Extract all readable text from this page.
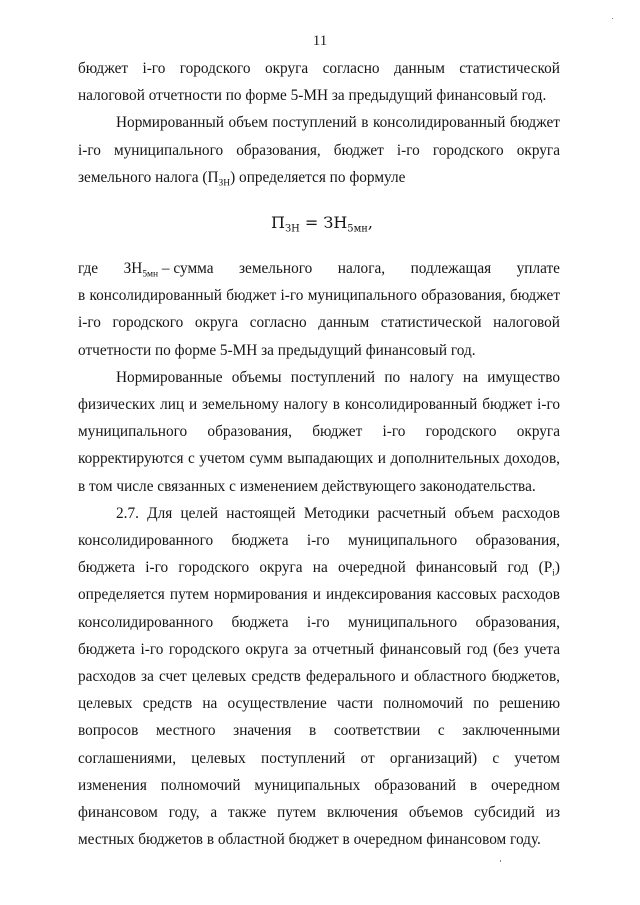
11

бюджет i-го городского округа согласно данным статистической налоговой отчетности по форме 5-МН за предыдущий финансовый год.

Нормированный объем поступлений в консолидированный бюджет i-го муниципального образования, бюджет i-го городского округа земельного налога $(П_{ЗН})$ определяется по формуле

$П_{ЗН} = ЗН_{5мн}$,
где $ЗН_{5мн}$ – сумма земельного налога, подлежащая уплате

в консолидированный бюджет i-го муниципального образования, бюджет i-го городского округа согласно данным статистической налоговой отчетности по форме 5-МН за предыдущий финансовый год.

Нормированные объемы поступлений по налогу на имущество физических лиц и земельному налогу в консолидированный бюджет i-го муниципального образования, бюджет i-го городского округа корректируются с учетом сумм выпадающих и дополнительных доходов, в том числе связанных с изменением действующего законодательства.

2.7. Для целей настоящей Методики расчетный объем расходов консолидированного бюджета i-го муниципального образования, бюджета i-го городского округа на очередной финансовый год $(P_i)$ определяется путем нормирования и индексирования кассовых расходов консолидированного бюджета i-го муниципального образования, бюджета i-го городского округа за отчетный финансовый год (без учета расходов за счет целевых средств федерального и областного бюджетов, целевых средств на осуществление части полномочий по решению вопросов местного значения в соответствии с заключенными соглашениями, целевых поступлений от организаций) с учетом изменения полномочий муниципальных образований в очередном финансовом году, а также путем включения объемов субсидий из местных бюджетов в областной бюджет в очередном финансовом году.
